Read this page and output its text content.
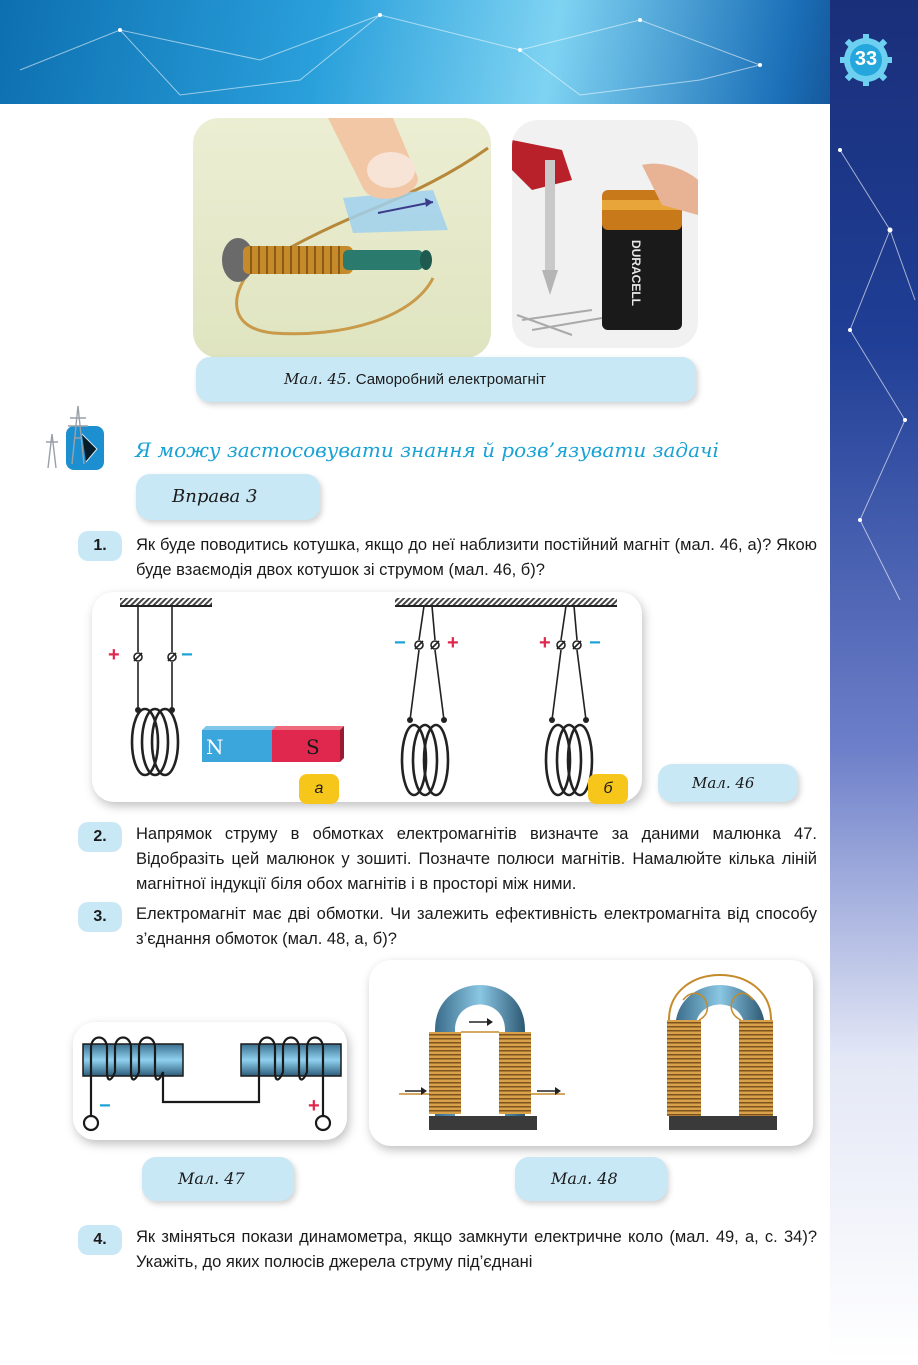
33
DURACELL
Мал. 45. Саморобний електромагніт
Я можу застосовувати знання й розв’язувати задачі
Вправа 3
1.	Як буде поводитись котушка, якщо до неї наблизити постійний магніт (мал. 46, а)? Якою буде взаємодія двох котушок зі струмом (мал. 46, б)?
+	−
− +	+ −
N	S
а	б	Мал. 46
2.	Напрямок струму в обмотках електромагнітів визначте за даними малюнка 47. Відобразіть цей малюнок у зошиті. Позначте полюси магнітів. Намалюйте кілька ліній магнітної індукції біля обох магнітів і в просторі між ними.
3.	Електромагніт має дві обмотки. Чи залежить ефективність електромагніта від способу з’єднання обмоток (мал. 48, а, б)?
−	+
Мал. 47	Мал. 48
4.	Як зміняться покази динамометра, якщо замкнути електричне коло (мал. 49, а, с. 34)? Укажіть, до яких полюсів джерела струму під’єднані
